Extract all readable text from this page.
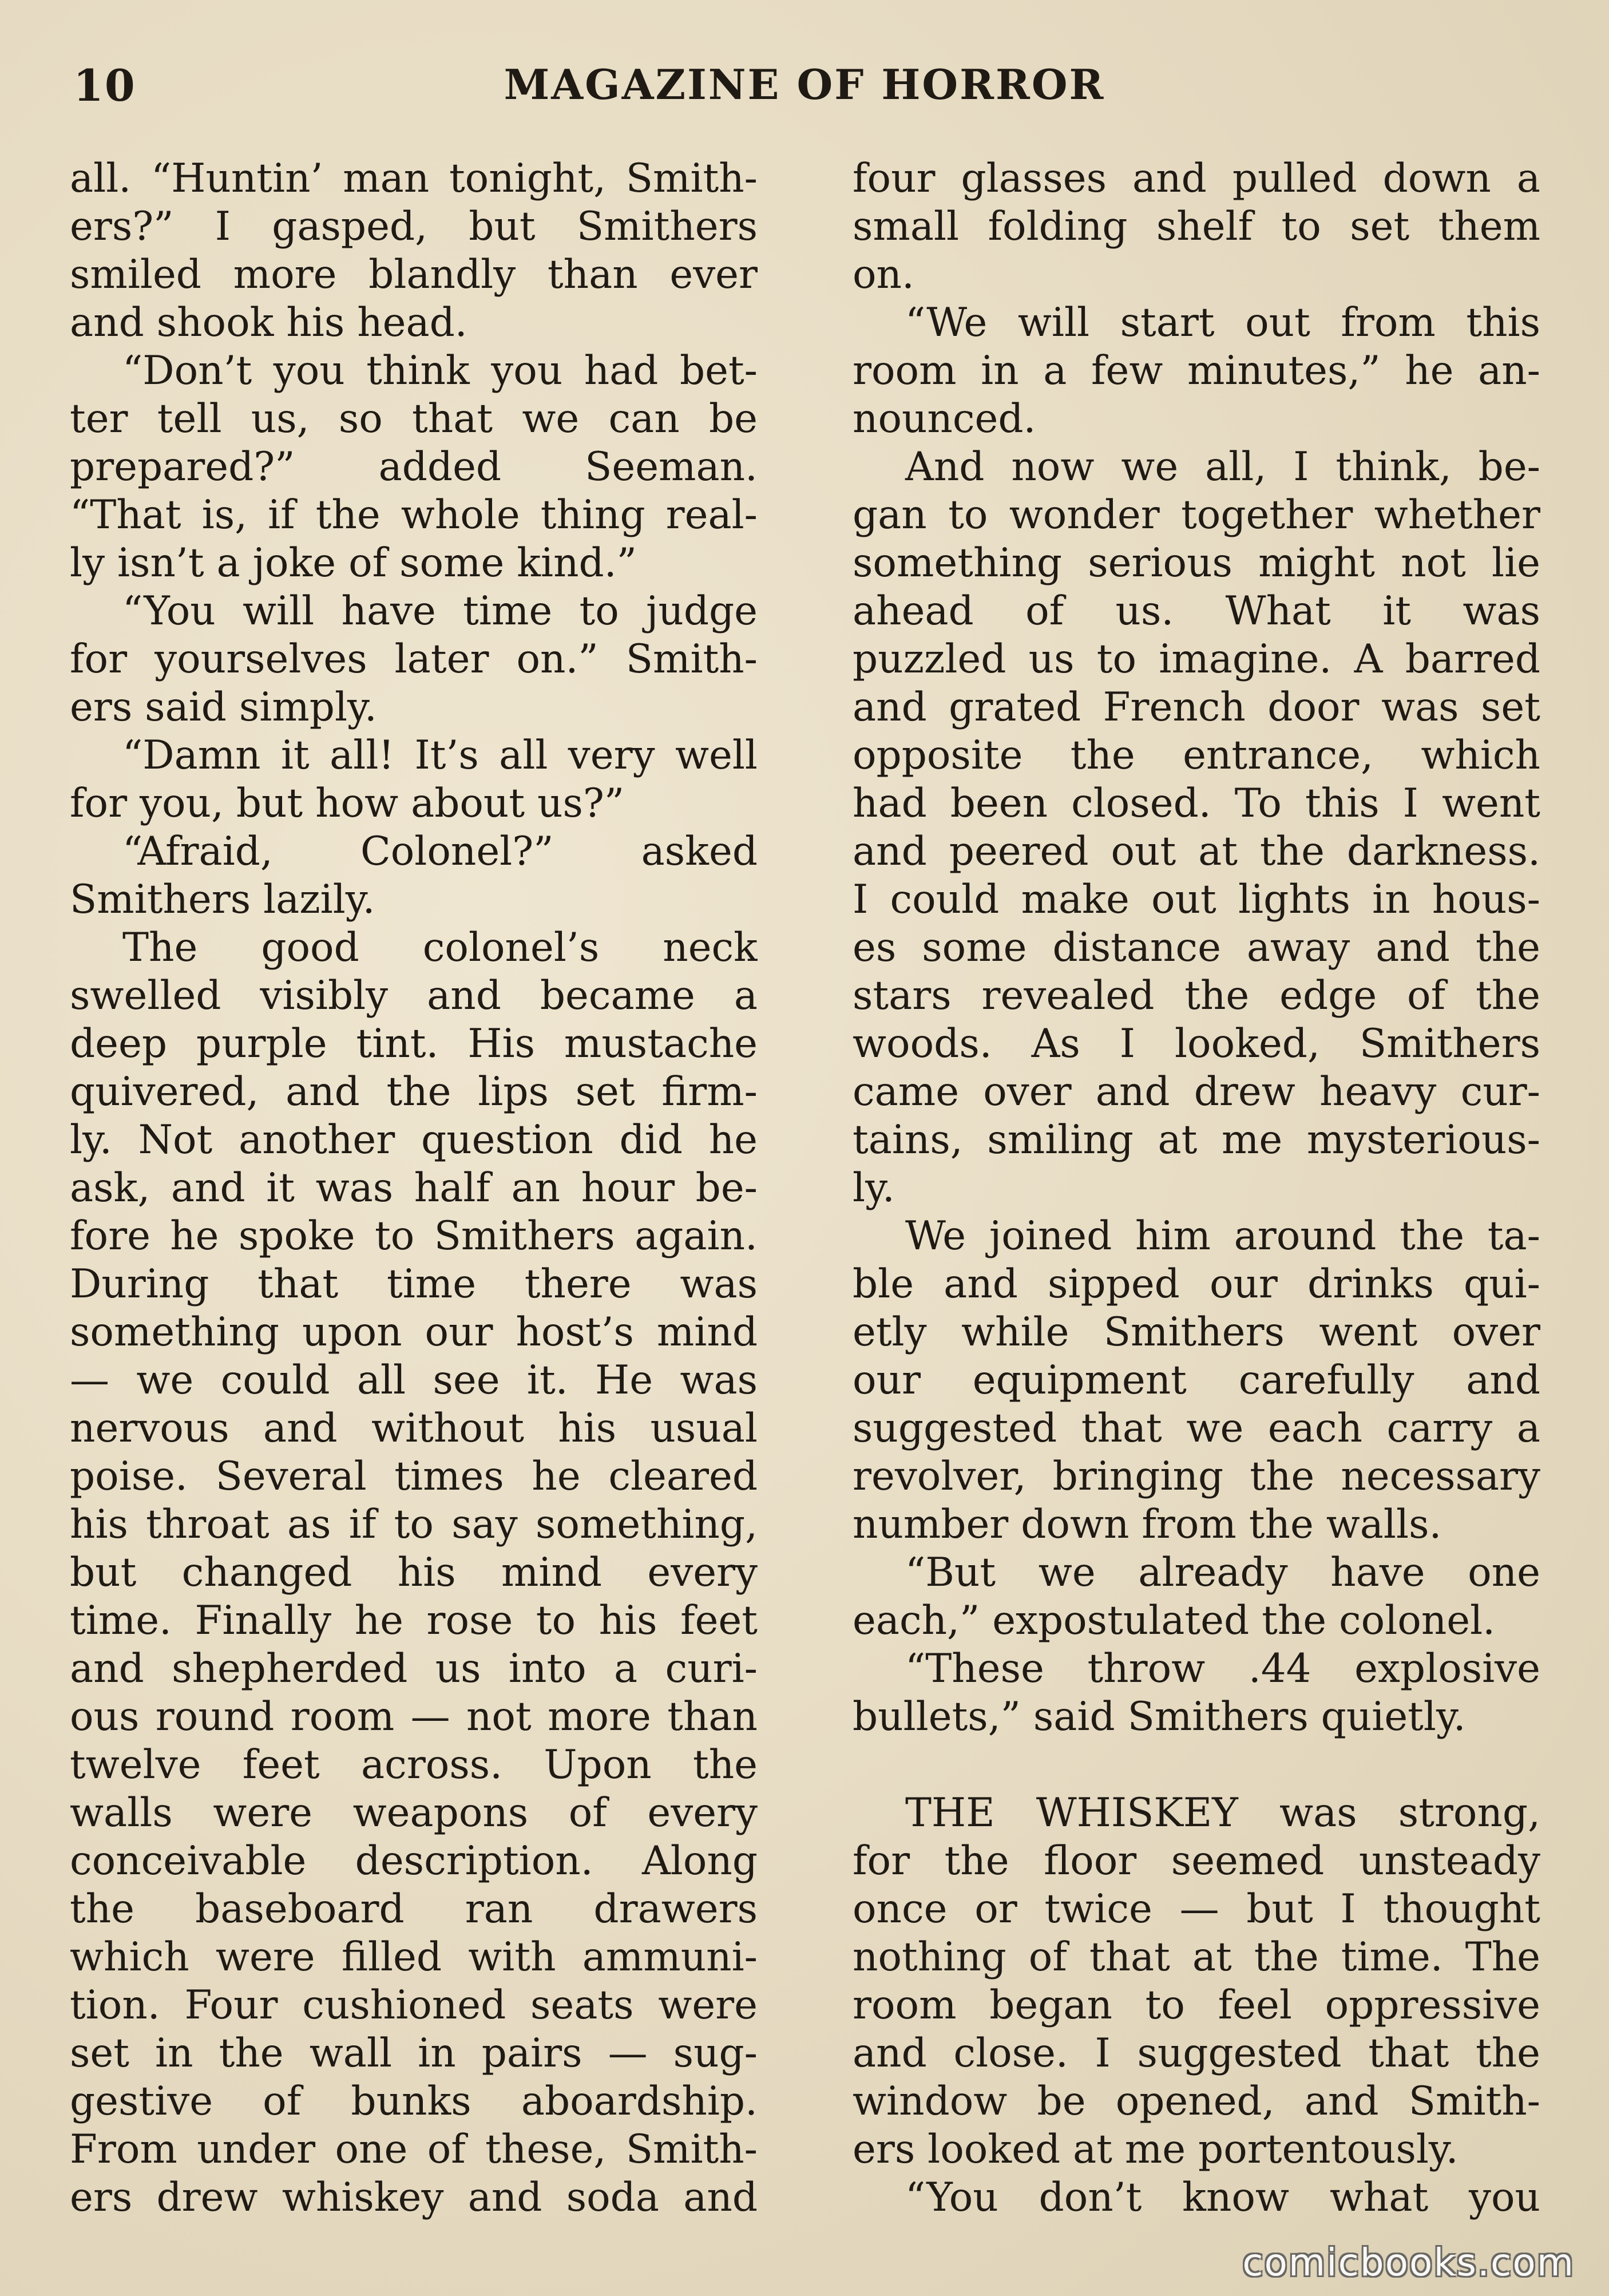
10	MAGAZINE OF HORROR
all. “Huntin’ man tonight, Smith-
ers?” I gasped, but Smithers
smiled more blandly than ever
and shook his head.
“Don’t you think you had bet-
ter tell us, so that we can be
prepared?” added Seeman.
“That is, if the whole thing real-
ly isn’t a joke of some kind.”
“You will have time to judge
for yourselves later on.” Smith-
ers said simply.
“Damn it all! It’s all very well
for you, but how about us?”
“Afraid, Colonel?” asked
Smithers lazily.
The good colonel’s neck
swelled visibly and became a
deep purple tint. His mustache
quivered, and the lips set firm-
ly. Not another question did he
ask, and it was half an hour be-
fore he spoke to Smithers again.
During that time there was
something upon our host’s mind
— we could all see it. He was
nervous and without his usual
poise. Several times he cleared
his throat as if to say something,
but changed his mind every
time. Finally he rose to his feet
and shepherded us into a curi-
ous round room — not more than
twelve feet across. Upon the
walls were weapons of every
conceivable description. Along
the baseboard ran drawers
which were filled with ammuni-
tion. Four cushioned seats were
set in the wall in pairs — sug-
gestive of bunks aboardship.
From under one of these, Smith-
ers drew whiskey and soda and
four glasses and pulled down a
small folding shelf to set them
on.
“We will start out from this
room in a few minutes,” he an-
nounced.
And now we all, I think, be-
gan to wonder together whether
something serious might not lie
ahead of us. What it was
puzzled us to imagine. A barred
and grated French door was set
opposite the entrance, which
had been closed. To this I went
and peered out at the darkness.
I could make out lights in hous-
es some distance away and the
stars revealed the edge of the
woods. As I looked, Smithers
came over and drew heavy cur-
tains, smiling at me mysterious-
ly.
We joined him around the ta-
ble and sipped our drinks qui-
etly while Smithers went over
our equipment carefully and
suggested that we each carry a
revolver, bringing the necessary
number down from the walls.
“But we already have one
each,” expostulated the colonel.
“These throw .44 explosive
bullets,” said Smithers quietly.
THE WHISKEY was strong,
for the floor seemed unsteady
once or twice — but I thought
nothing of that at the time. The
room began to feel oppressive
and close. I suggested that the
window be opened, and Smith-
ers looked at me portentously.
“You don’t know what you
comicbooks.com
